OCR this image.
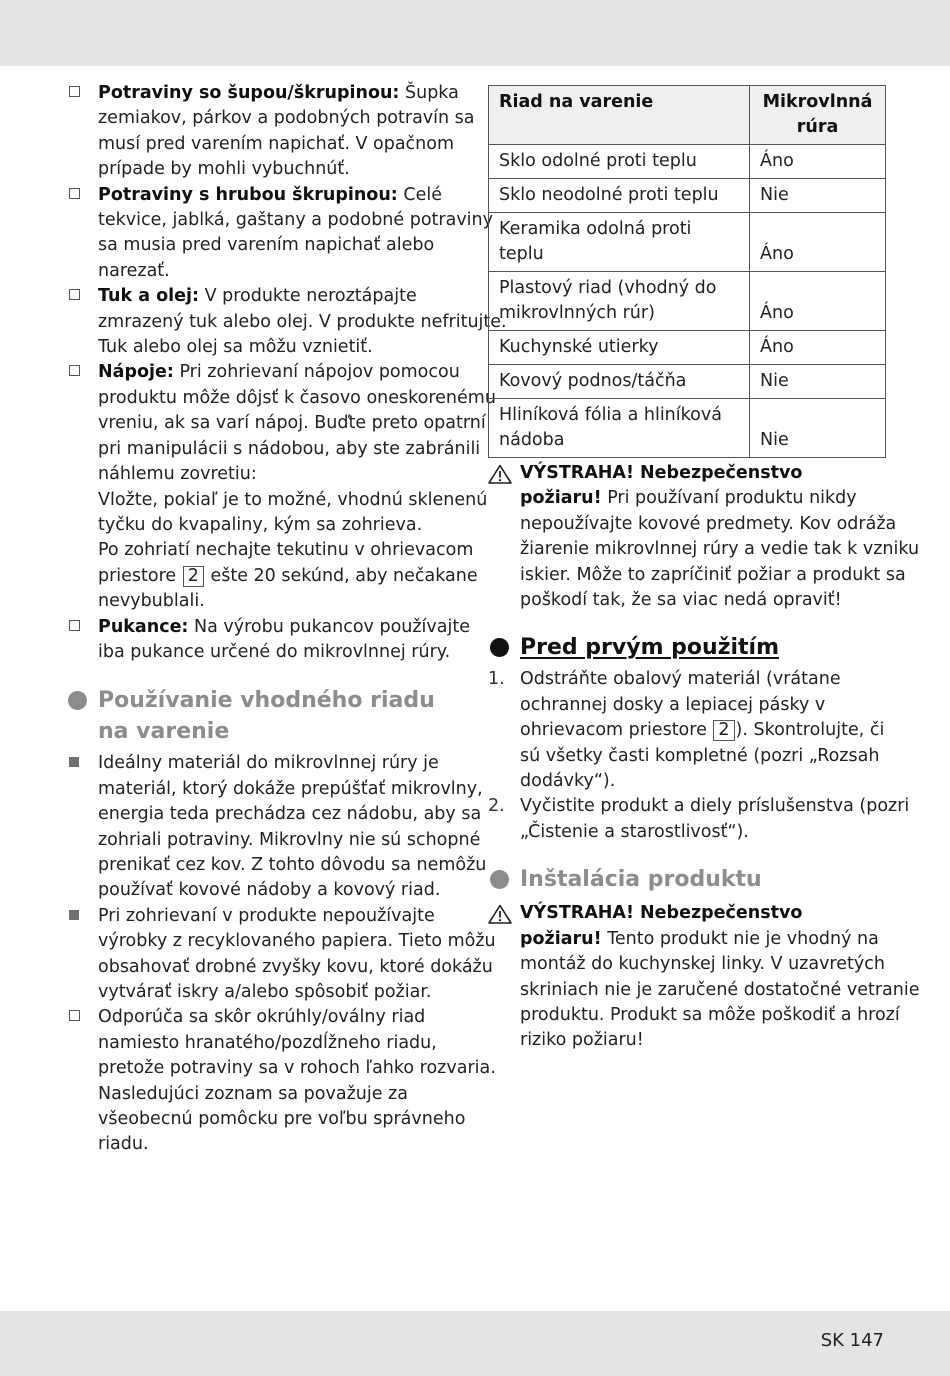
Potraviny so šupou/škrupinou: Šupka
zemiakov, párkov a podobných potravín sa
musí pred varením napichať. V opačnom
prípade by mohli vybuchnúť.
Potraviny s hrubou škrupinou: Celé
tekvice, jablká, gaštany a podobné potraviny
sa musia pred varením napichať alebo
narezať.
Tuk a olej: V produkte neroztápajte
zmrazený tuk alebo olej. V produkte nefritujte.
Tuk alebo olej sa môžu vznietiť.
Nápoje: Pri zohrievaní nápojov pomocou
produktu môže dôjsť k časovo oneskorenému
vreniu, ak sa varí nápoj. Buďte preto opatrní
pri manipulácii s nádobou, aby ste zabránili
náhlemu zovretiu:
Vložte, pokiaľ je to možné, vhodnú sklenenú
tyčku do kvapaliny, kým sa zohrieva.
Po zohriatí nechajte tekutinu v ohrievacom
priestore 2 ešte 20 sekúnd, aby nečakane
nevybublali.
Pukance: Na výrobu pukancov používajte
iba pukance určené do mikrovlnnej rúry.
Používanie vhodného riadu
na varenie
Ideálny materiál do mikrovlnnej rúry je
materiál, ktorý dokáže prepúšťať mikrovlny,
energia teda prechádza cez nádobu, aby sa
zohriali potraviny. Mikrovlny nie sú schopné
prenikať cez kov. Z tohto dôvodu sa nemôžu
používať kovové nádoby a kovový riad.
Pri zohrievaní v produkte nepoužívajte
výrobky z recyklovaného papiera. Tieto môžu
obsahovať drobné zvyšky kovu, ktoré dokážu
vytvárať iskry a/alebo spôsobiť požiar.
Odporúča sa skôr okrúhly/oválny riad
namiesto hranatého/pozdĺžneho riadu,
pretože potraviny sa v rohoch ľahko rozvaria.
Nasledujúci zoznam sa považuje za
všeobecnú pomôcku pre voľbu správneho
riadu.
Riad na varenie	Mikrovlnná rúra
Sklo odolné proti teplu	Áno
Sklo neodolné proti teplu	Nie
Keramika odolná proti teplu	Áno
Plastový riad (vhodný do mikrovlnných rúr)	Áno
Kuchynské utierky	Áno
Kovový podnos/táčňa	Nie
Hliníková fólia a hliníková nádoba	Nie
VÝSTRAHA! Nebezpečenstvo
požiaru! Pri používaní produktu nikdy
nepoužívajte kovové predmety. Kov odráža
žiarenie mikrovlnnej rúry a vedie tak k vzniku
iskier. Môže to zapríčiniť požiar a produkt sa
poškodí tak, že sa viac nedá opraviť!
Pred prvým použitím
1. Odstráňte obalový materiál (vrátane
ochrannej dosky a lepiacej pásky v
ohrievacom priestore 2 ). Skontrolujte, či
sú všetky časti kompletné (pozri „Rozsah
dodávky“).
2. Vyčistite produkt a diely príslušenstva (pozri
„Čistenie a starostlivosť“).
Inštalácia produktu
VÝSTRAHA! Nebezpečenstvo
požiaru! Tento produkt nie je vhodný na
montáž do kuchynskej linky. V uzavretých
skriniach nie je zaručené dostatočné vetranie
produktu. Produkt sa môže poškodiť a hrozí
riziko požiaru!
SK 147
